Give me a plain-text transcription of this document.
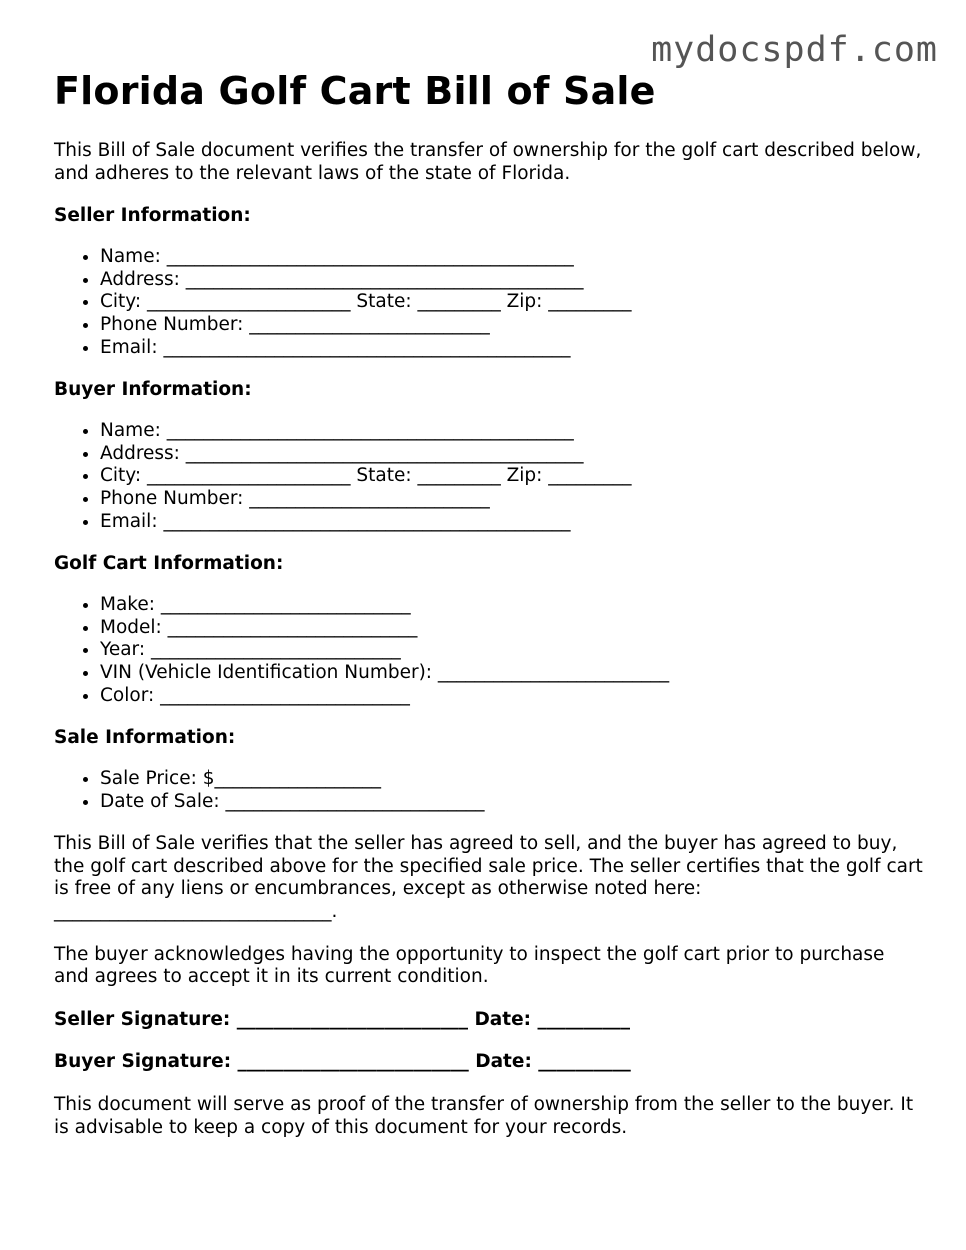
mydocspdf.com
Florida Golf Cart Bill of Sale

This Bill of Sale document verifies the transfer of ownership for the golf cart described below, and adheres to the relevant laws of the state of Florida.

Seller Information:
• Name: ____________________________________________
• Address: ___________________________________________
• City: ______________________ State: _________ Zip: _________
• Phone Number: __________________________
• Email: ____________________________________________
Buyer Information:
• Name: ____________________________________________
• Address: ___________________________________________
• City: ______________________ State: _________ Zip: _________
• Phone Number: __________________________
• Email: ____________________________________________
Golf Cart Information:
• Make: ___________________________
• Model: ___________________________
• Year: ___________________________
• VIN (Vehicle Identification Number): _________________________
• Color: ___________________________
Sale Information:
• Sale Price: $__________________
• Date of Sale: ____________________________

This Bill of Sale verifies that the seller has agreed to sell, and the buyer has agreed to buy, the golf cart described above for the specified sale price. The seller certifies that the golf cart is free of any liens or encumbrances, except as otherwise noted here:
______________________________.

The buyer acknowledges having the opportunity to inspect the golf cart prior to purchase and agrees to accept it in its current condition.

Seller Signature: _________________________ Date: __________

Buyer Signature: _________________________ Date: __________

This document will serve as proof of the transfer of ownership from the seller to the buyer. It is advisable to keep a copy of this document for your records.
